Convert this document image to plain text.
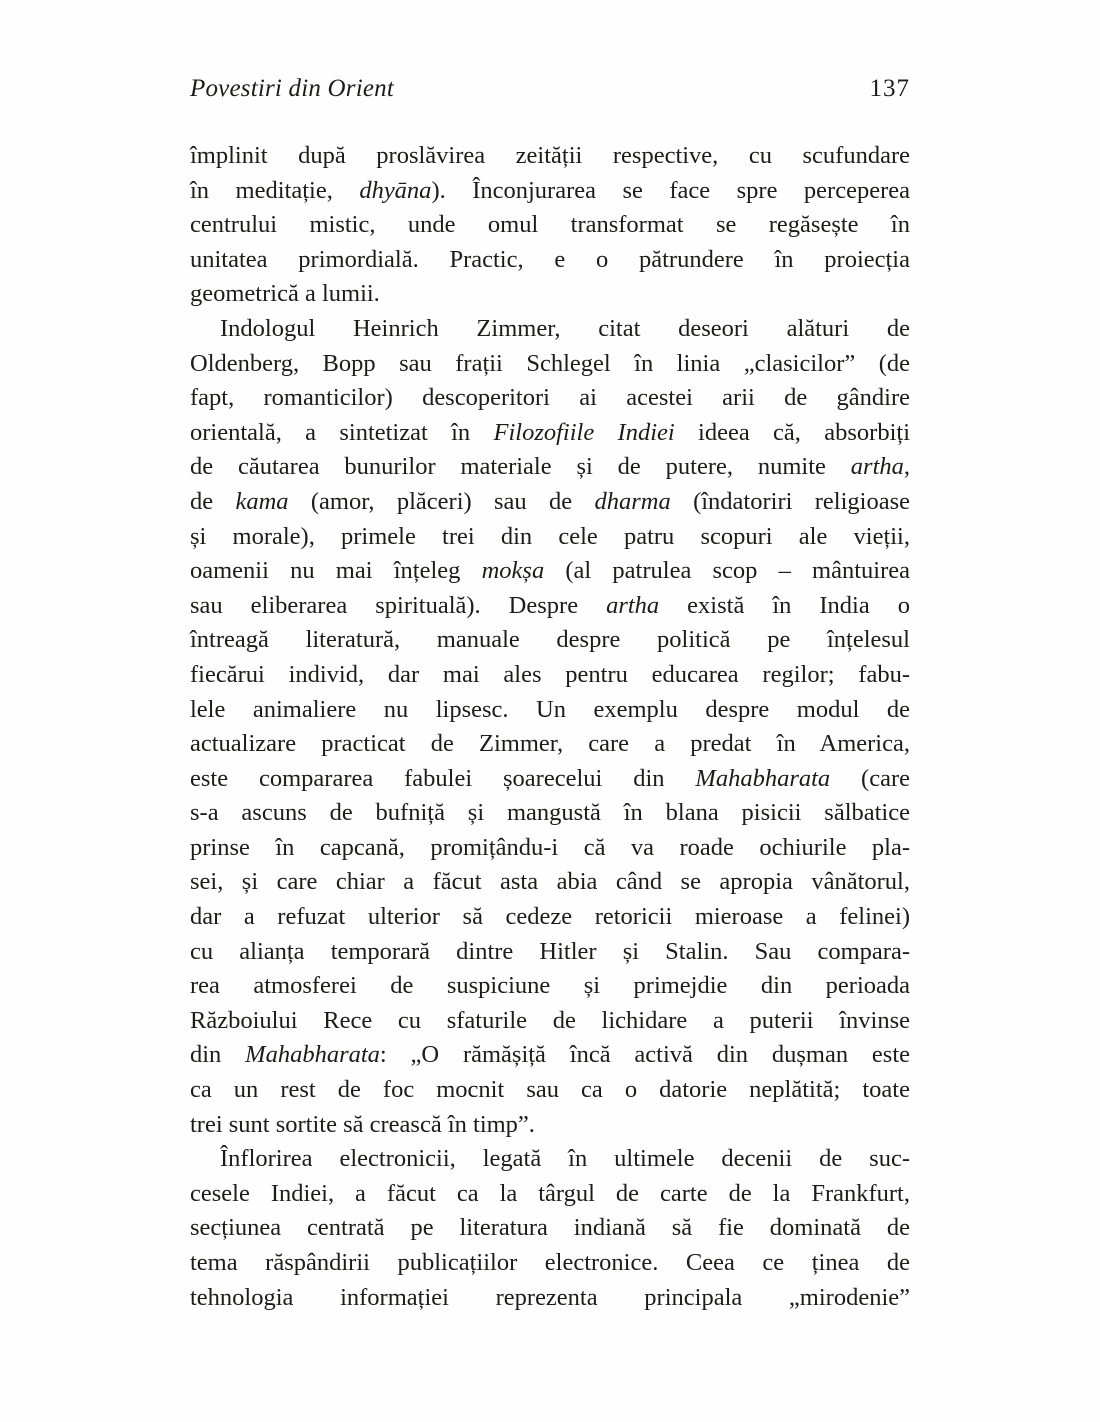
Povestiri din Orient	137
împlinit după proslăvirea zeității respective, cu scufundare
în meditație, dhyāna). Înconjurarea se face spre perceperea
centrului mistic, unde omul transformat se regăsește în
unitatea primordială. Practic, e o pătrundere în proiecția
geometrică a lumii.
Indologul Heinrich Zimmer, citat deseori alături de
Oldenberg, Bopp sau frații Schlegel în linia „clasicilor” (de
fapt, romanticilor) descoperitori ai acestei arii de gândire
orientală, a sintetizat în Filozofiile Indiei ideea că, absorbiți
de căutarea bunurilor materiale și de putere, numite artha,
de kama (amor, plăceri) sau de dharma (îndatoriri religioase
și morale), primele trei din cele patru scopuri ale vieții,
oamenii nu mai înțeleg mokșa (al patrulea scop – mântuirea
sau eliberarea spirituală). Despre artha există în India o
întreagă literatură, manuale despre politică pe înțelesul
fiecărui individ, dar mai ales pentru educarea regilor; fabu-
lele animaliere nu lipsesc. Un exemplu despre modul de
actualizare practicat de Zimmer, care a predat în America,
este compararea fabulei șoarecelui din Mahabharata (care
s-a ascuns de bufniță și mangustă în blana pisicii sălbatice
prinse în capcană, promițându-i că va roade ochiurile pla-
sei, și care chiar a făcut asta abia când se apropia vânătorul,
dar a refuzat ulterior să cedeze retoricii mieroase a felinei)
cu alianța temporară dintre Hitler și Stalin. Sau compara-
rea atmosferei de suspiciune și primejdie din perioada
Războiului Rece cu sfaturile de lichidare a puterii învinse
din Mahabharata: „O rămășiță încă activă din dușman este
ca un rest de foc mocnit sau ca o datorie neplătită; toate
trei sunt sortite să crească în timp”.
Înflorirea electronicii, legată în ultimele decenii de suc-
cesele Indiei, a făcut ca la târgul de carte de la Frankfurt,
secțiunea centrată pe literatura indiană să fie dominată de
tema răspândirii publicațiilor electronice. Ceea ce ținea de
tehnologia informației reprezenta principala „mirodenie”
